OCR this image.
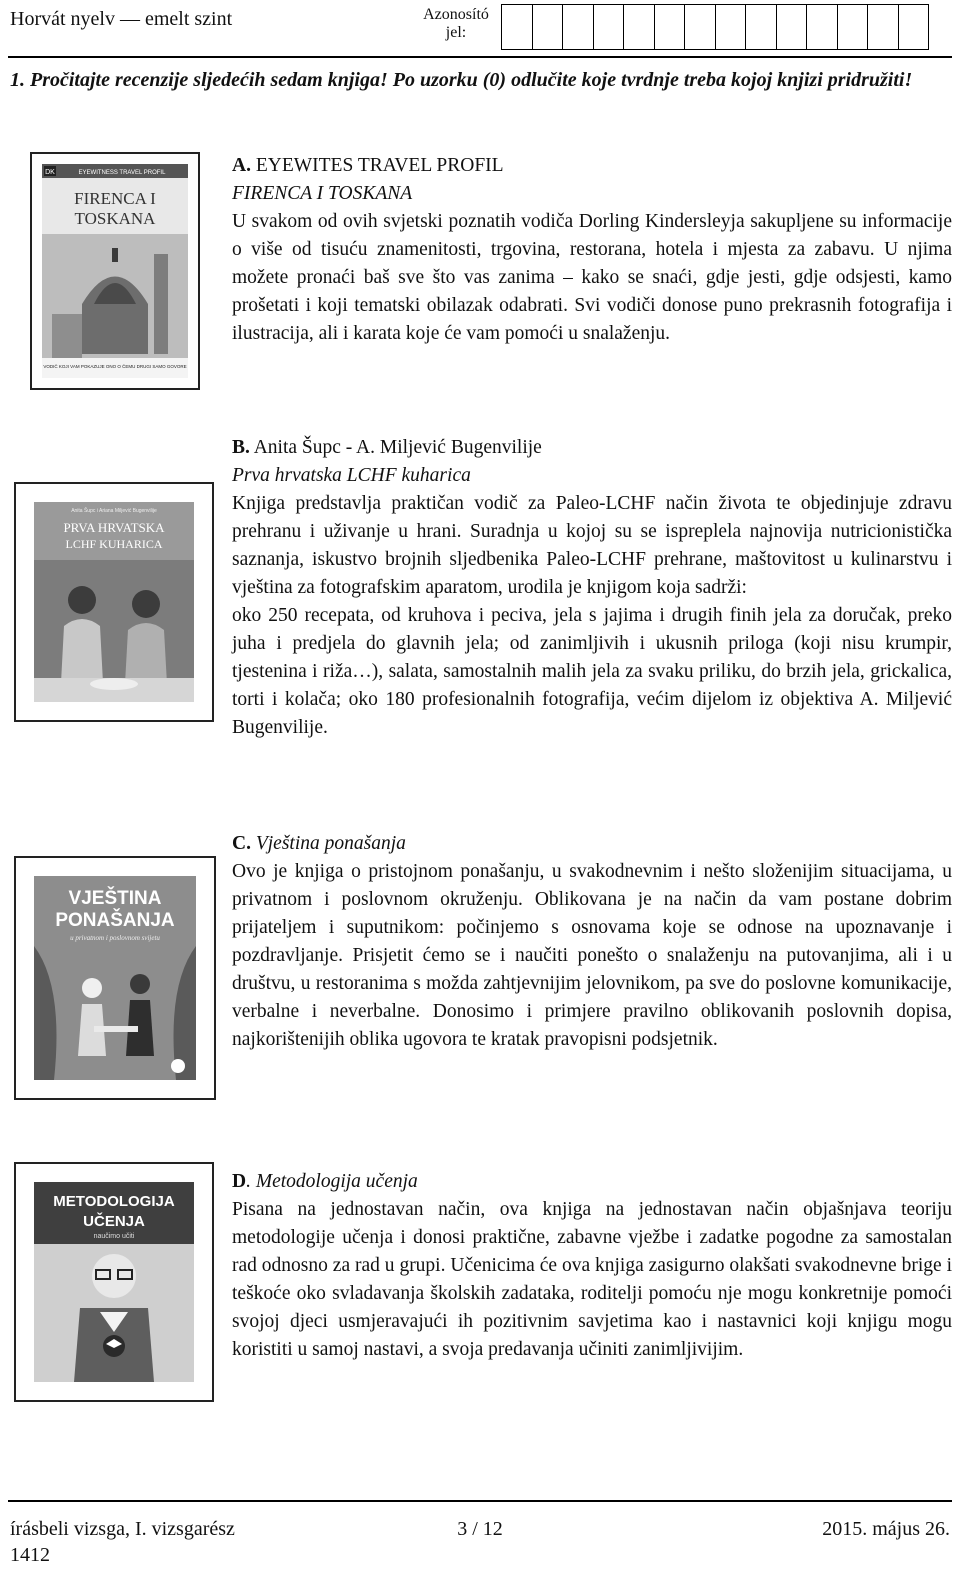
Horvát nyelv — emelt szint	Azonosító
jel:
1. Pročitajte recenzije sljedećih sedam knjiga! Po uzorku (0) odlučite koje tvrdnje treba kojoj knjizi pridružiti!
DK	EYEWITNESS TRAVEL PROFIL
FIRENCA I
TOSKANA
VODIČ KOJI VAM POKAZUJE ONO O ČEMU DRUGI SAMO GOVORE
A. EYEWITES TRAVEL PROFIL
FIRENCA I TOSKANA

U svakom od ovih svjetski poznatih vodiča Dorling Kindersleyja sakupljene su informacije o više od tisuću znamenitosti, trgovina, restorana, hotela i mjesta za zabavu. U njima možete pronaći baš sve što vas zanima – kako se snaći, gdje jesti, gdje odsjesti, kamo prošetati i koji tematski obilazak odabrati. Svi vodiči donose puno prekrasnih fotografija i ilustracija, ali i karata koje će vam pomoći u snalaženju.

Anita Šupc i Ariana Miljević Bugenvilije
PRVA HRVATSKA
LCHF KUHARICA
B. Anita Šupc - A. Miljević Bugenvilije
Prva hrvatska LCHF kuharica

Knjiga predstavlja praktičan vodič za Paleo-LCHF način života te objedinjuje zdravu prehranu i uživanje u hrani. Suradnja u kojoj su se ispreplela najnovija nutricionistička saznanja, iskustvo brojnih sljedbenika Paleo-LCHF prehrane, maštovitost u kulinarstvu i vještina za fotografskim aparatom, urodila je knjigom koja sadrži:

oko 250 recepata, od kruhova i peciva, jela s jajima i drugih finih jela za doručak, preko juha i predjela do glavnih jela; od zanimljivih i ukusnih priloga (koji nisu krumpir, tjestenina i riža…), salata, samostalnih malih jela za svaku priliku, do brzih jela, grickalica, torti i kolača; oko 180 profesionalnih fotografija, većim dijelom iz objektiva A. Miljević Bugenvilije.

VJEŠTINA
PONAŠANJA
u privatnom i poslovnom svijetu
C. Vještina ponašanja

Ovo je knjiga o pristojnom ponašanju, u svakodnevnim i nešto složenijim situacijama, u privatnom i poslovnom okruženju. Oblikovana je na način da vam postane dobrim prijateljem i suputnikom: počinjemo s osnovama koje se odnose na upoznavanje i pozdravljanje. Prisjetit ćemo se i naučiti ponešto o snalaženju na putovanjima, ali i u društvu, u restoranima s možda zahtjevnijim jelovnikom, pa sve do poslovne komunikacije, verbalne i neverbalne. Donosimo i primjere pravilno oblikovanih poslovnih dopisa, najkorištenijih oblika ugovora te kratak pravopisni podsjetnik.

METODOLOGIJA
UČENJA
naučimo učiti
D. Metodologija učenja

Pisana na jednostavan način, ova knjiga na jednostavan način objašnjava teoriju metodologije učenja i donosi praktične, zabavne vježbe i zadatke pogodne za samostalan rad odnosno za rad u grupi. Učenicima će ova knjiga zasigurno olakšati svakodnevne brige i teškoće oko svladavanja školskih zadataka, roditelji pomoću nje mogu konkretnije pomoći svojoj djeci usmjeravajući ih pozitivnim savjetima kao i nastavnici koji knjigu mogu koristiti u samoj nastavi, a svoja predavanja učiniti zanimljivijim.

írásbeli vizsga, I. vizsgarész
1412
3 / 12	2015. május 26.
